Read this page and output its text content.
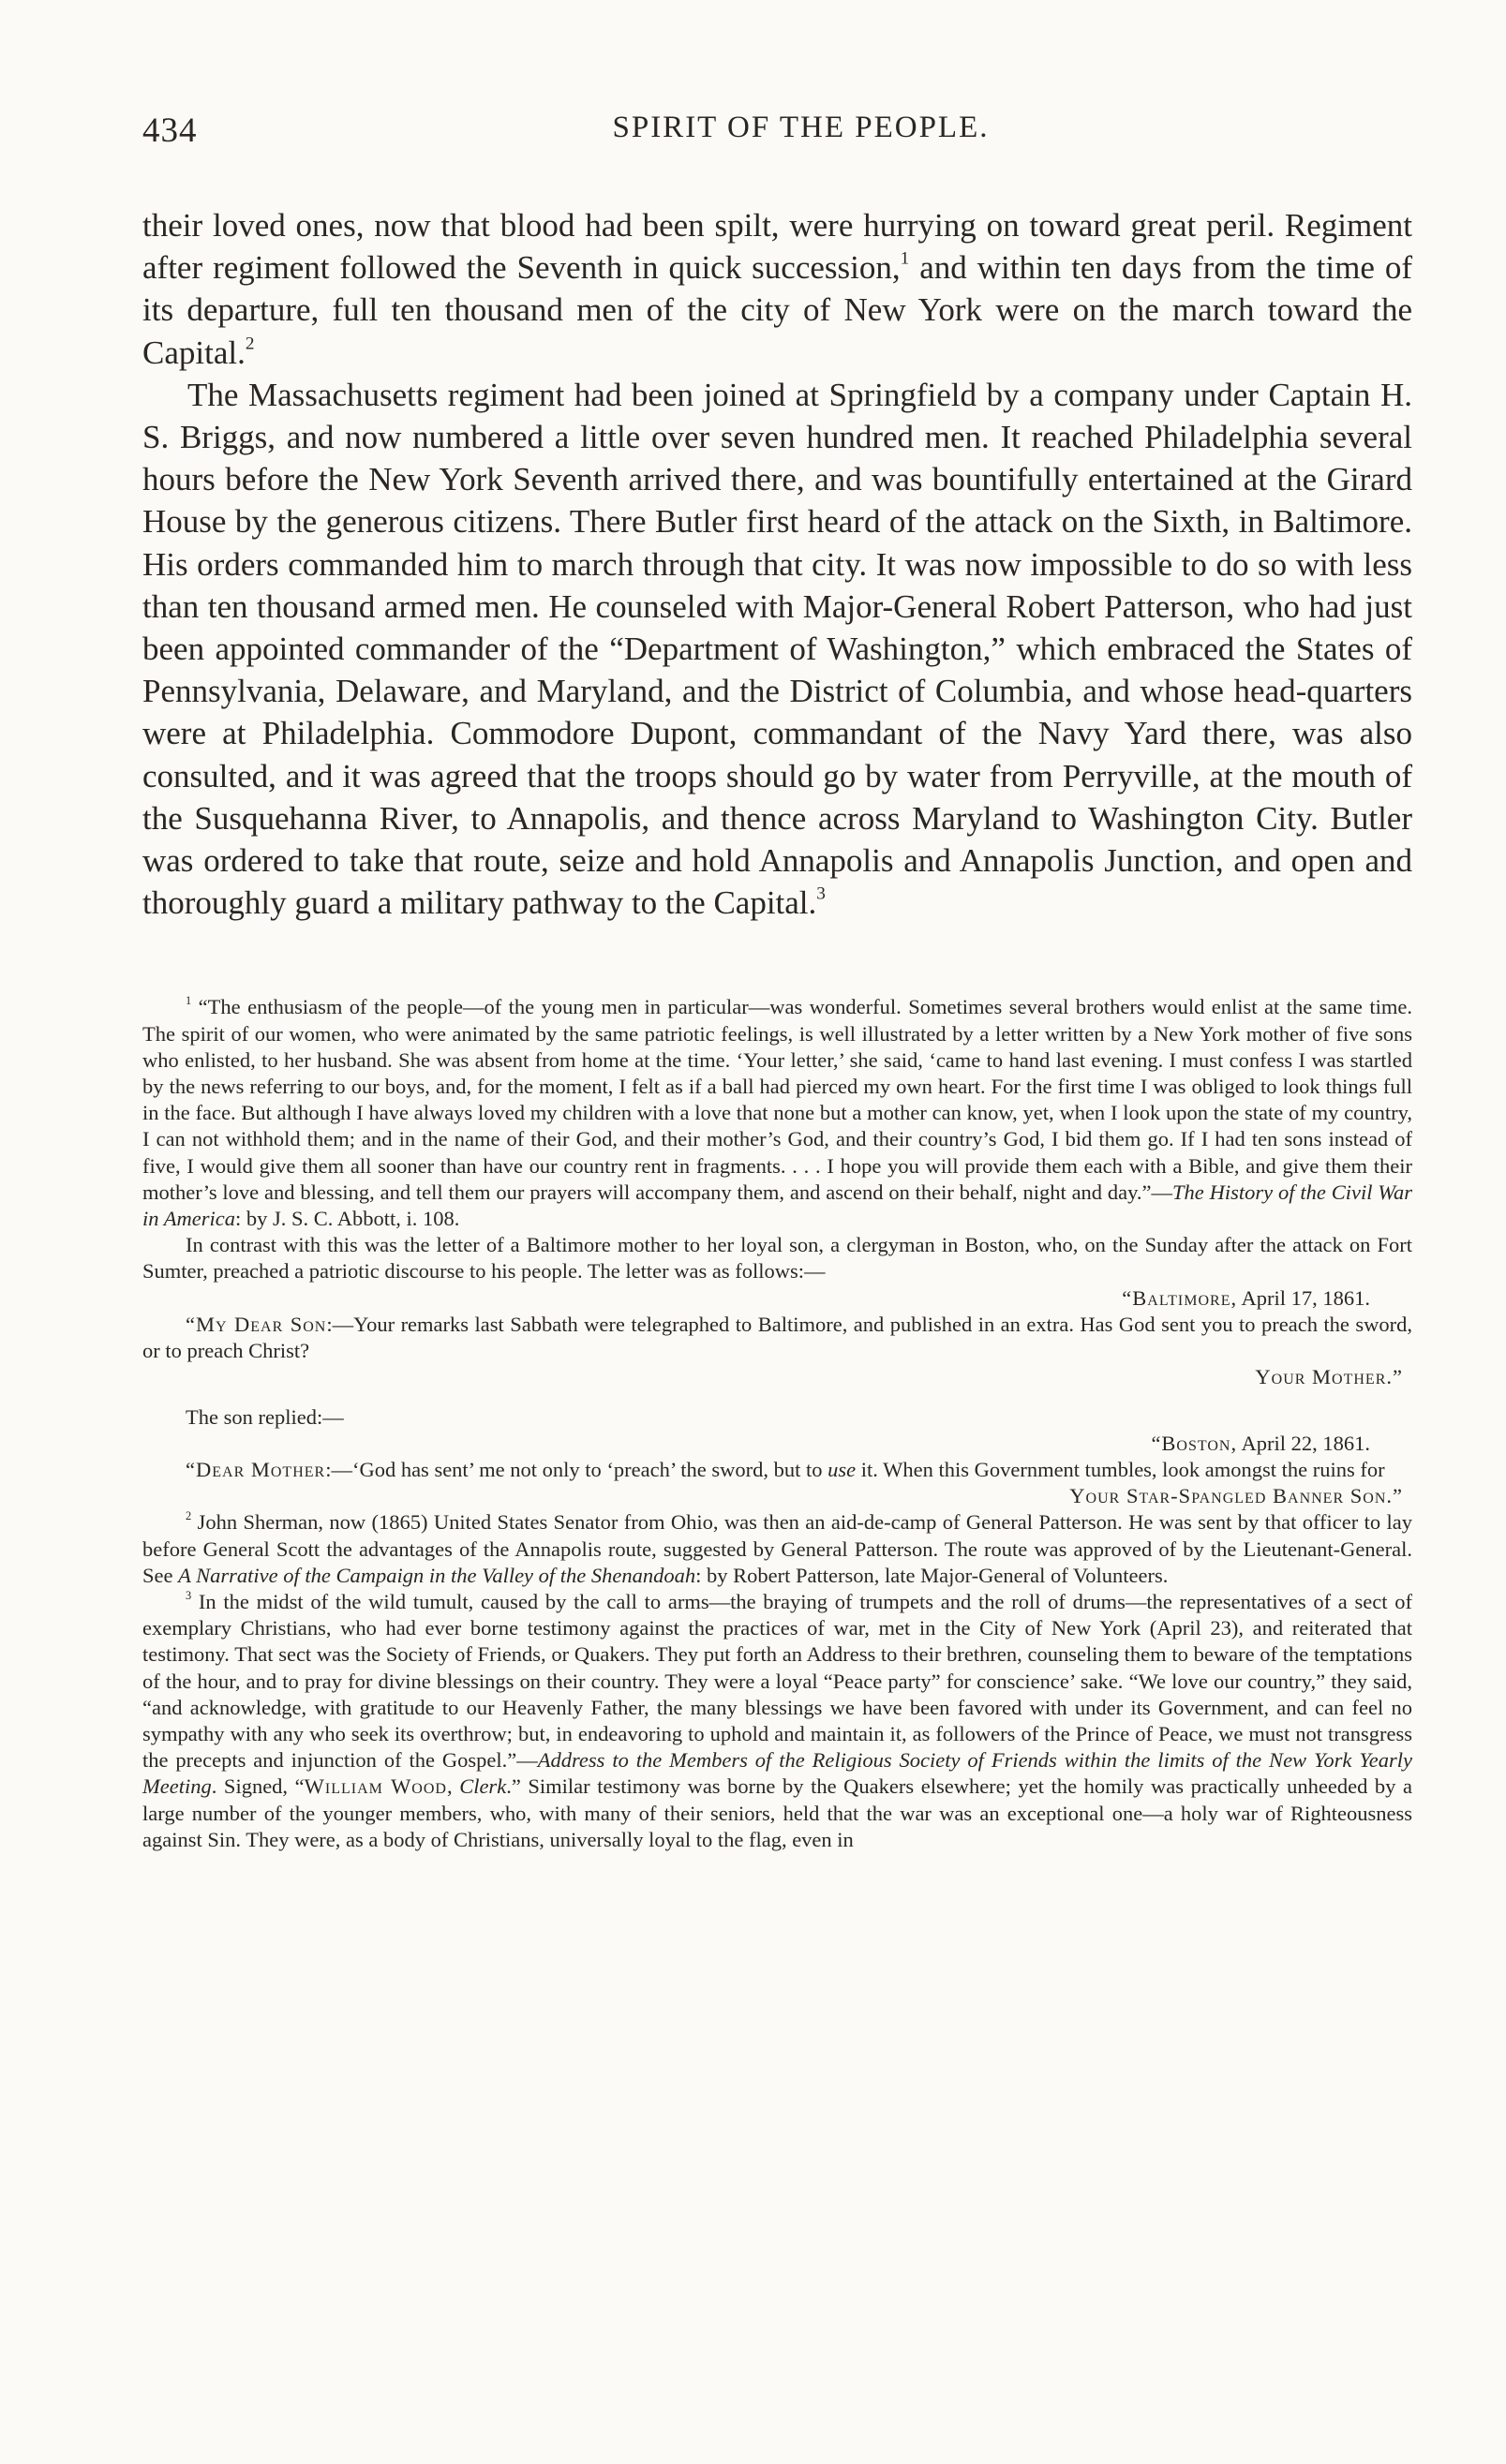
434	SPIRIT OF THE PEOPLE.

their loved ones, now that blood had been spilt, were hurrying on toward great peril. Regiment after regiment followed the Seventh in quick succession,$^1$ and within ten days from the time of its departure, full ten thousand men of the city of New York were on the march toward the Capital.$^2$

The Massachusetts regiment had been joined at Springfield by a company under Captain H. S. Briggs, and now numbered a little over seven hundred men. It reached Philadelphia several hours before the New York Seventh arrived there, and was bountifully entertained at the Girard House by the generous citizens. There Butler first heard of the attack on the Sixth, in Baltimore. His orders commanded him to march through that city. It was now impossible to do so with less than ten thousand armed men. He counseled with Major-General Robert Patterson, who had just been appointed commander of the “Department of Washington,” which embraced the States of Pennsylvania, Delaware, and Maryland, and the District of Columbia, and whose head-quarters were at Philadelphia. Commodore Dupont, commandant of the Navy Yard there, was also consulted, and it was agreed that the troops should go by water from Perryville, at the mouth of the Susquehanna River, to Annapolis, and thence across Maryland to Washington City. Butler was ordered to take that route, seize and hold Annapolis and Annapolis Junction, and open and thoroughly guard a military pathway to the Capital.$^3$

$^1$ “The enthusiasm of the people—of the young men in particular—was wonderful. Sometimes several brothers would enlist at the same time. The spirit of our women, who were animated by the same patriotic feelings, is well illustrated by a letter written by a New York mother of five sons who enlisted, to her husband. She was absent from home at the time. ‘Your letter,’ she said, ‘came to hand last evening. I must confess I was startled by the news referring to our boys, and, for the moment, I felt as if a ball had pierced my own heart. For the first time I was obliged to look things full in the face. But although I have always loved my children with a love that none but a mother can know, yet, when I look upon the state of my country, I can not withhold them; and in the name of their God, and their mother’s God, and their country’s God, I bid them go. If I had ten sons instead of five, I would give them all sooner than have our country rent in fragments. . . . I hope you will provide them each with a Bible, and give them their mother’s love and blessing, and tell them our prayers will accompany them, and ascend on their behalf, night and day.”—The History of the Civil War in America: by J. S. C. Abbott, i. 108.

In contrast with this was the letter of a Baltimore mother to her loyal son, a clergyman in Boston, who, on the Sunday after the attack on Fort Sumter, preached a patriotic discourse to his people. The letter was as follows:—

“Baltimore, April 17, 1861.

“My Dear Son:—Your remarks last Sabbath were telegraphed to Baltimore, and published in an extra. Has God sent you to preach the sword, or to preach Christ?

Your Mother.”

The son replied:—

“Boston, April 22, 1861.

“Dear Mother:—‘God has sent’ me not only to ‘preach’ the sword, but to use it. When this Government tumbles, look amongst the ruins for

Your Star-Spangled Banner Son.”

$^2$ John Sherman, now (1865) United States Senator from Ohio, was then an aid-de-camp of General Patterson. He was sent by that officer to lay before General Scott the advantages of the Annapolis route, suggested by General Patterson. The route was approved of by the Lieutenant-General. See A Narrative of the Campaign in the Valley of the Shenandoah: by Robert Patterson, late Major-General of Volunteers.

$^3$ In the midst of the wild tumult, caused by the call to arms—the braying of trumpets and the roll of drums—the representatives of a sect of exemplary Christians, who had ever borne testimony against the practices of war, met in the City of New York (April 23), and reiterated that testimony. That sect was the Society of Friends, or Quakers. They put forth an Address to their brethren, counseling them to beware of the temptations of the hour, and to pray for divine blessings on their country. They were a loyal “Peace party” for conscience’ sake. “We love our country,” they said, “and acknowledge, with gratitude to our Heavenly Father, the many blessings we have been favored with under its Government, and can feel no sympathy with any who seek its overthrow; but, in endeavoring to uphold and maintain it, as followers of the Prince of Peace, we must not transgress the precepts and injunction of the Gospel.”—Address to the Members of the Religious Society of Friends within the limits of the New York Yearly Meeting. Signed, “William Wood, Clerk.” Similar testimony was borne by the Quakers elsewhere; yet the homily was practically unheeded by a large number of the younger members, who, with many of their seniors, held that the war was an exceptional one—a holy war of Righteousness against Sin. They were, as a body of Christians, universally loyal to the flag, even in
